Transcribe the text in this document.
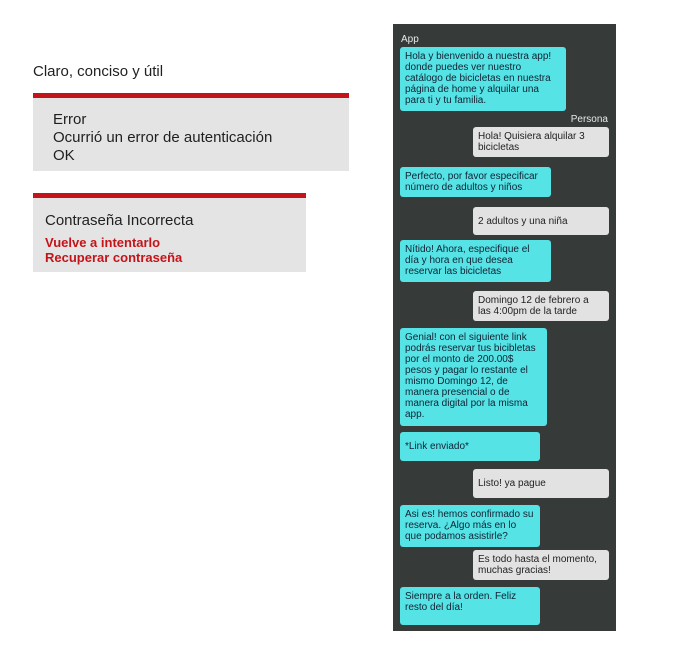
Claro, conciso y útil
Error
Ocurrió un error de autenticación
OK
Contraseña Incorrecta
Vuelve a intentarlo
Recuperar contraseña
App
Persona
Hola y bienvenido a nuestra app! donde puedes ver nuestro catálogo de bicicletas en nuestra página de home y alquilar una para ti y tu familia.
Hola! Quisiera alquilar 3 bicicletas
Perfecto, por favor especificar número de adultos y niños
2 adultos y una niña
Nítido! Ahora, especifique el día y hora en que desea reservar las bicicletas
Domingo 12 de febrero a las 4:00pm de la tarde
Genial! con el siguiente link podrás reservar tus bicibletas por el monto de 200.00$ pesos y pagar lo restante el mismo Domingo 12, de manera presencial o de manera digital por la misma app.
*Link enviado*
Listo! ya pague
Asi es! hemos confirmado su reserva. ¿Algo más en lo que podamos asistirle?
Es todo hasta el momento, muchas gracias!
Siempre a la orden. Feliz resto del día!
